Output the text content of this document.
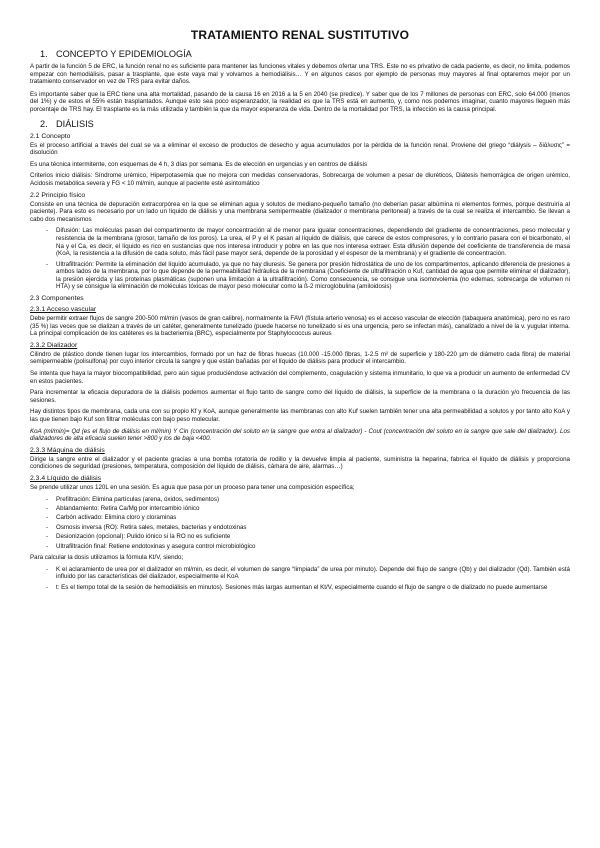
TRATAMIENTO RENAL SUSTITUTIVO
1. CONCEPTO Y EPIDEMIOLOGÍA

A partir de la función 5 de ERC, la función renal no es suficiente para mantener las funciones vitales y debemos ofertar una TRS. Este no es privativo de cada paciente, es decir, no limita, podemos empezar con hemodiálisis, pasar a trasplante, que este vaya mal y volvamos a hemodiálisis… Y en algunos casos por ejemplo de personas muy mayores al final optaremos mejor por un tratamiento conservador en vez de TRS para evitar daños.

Es importante saber que la ERC tiene una alta mortalidad, pasando de la causa 16 en 2016 a la 5 en 2040 (se predice). Y saber que de los 7 millones de personas con ERC, solo 64.000 (menos del 1%) y de estos el 55% están trasplantados. Aunque esto sea poco esperanzador, la realidad es que la TRS está en aumento, y, como nos podemos imaginar, cuanto mayores lleguen más porcentaje de TRS hay. El trasplante es la más utilizada y también la que da mayor esperanza de vida. Dentro de la mortalidad por TRS, la infección es la causa principal.

2. DIÁLISIS
2.1 Concepto

Es el proceso artificial a través del cual se va a eliminar el exceso de productos de desecho y agua acumulados por la pérdida de la función renal. Proviene del griego “diálysis – δiάλυσις” = disolución

Es una técnica intermitente, con esquemas de 4 h, 3 días por semana. Es de elección en urgencias y en centros de diálisis

Criterios inicio diálisis: Síndrome urémico, Hiperpotasemia que no mejora con medidas conservadoras, Sobrecarga de volumen a pesar de diuréticos, Diátesis hemorrágica de origen urémico, Acidosis metabólica severa y FG < 10 ml/min, aunque al paciente esté asintomático

2.2 Principio físico

Consiste en una técnica de depuración extracorpórea en la que se eliminan agua y solutos de mediano-pequeño tamaño (no deberían pasar albúmina ni elementos formes, porque destruiría al paciente). Para esto es necesario por un lado un líquido de diálisis y una membrana semipermeable (dializador o membrana peritoneal) a través de la cual se realiza el intercambio. Se llevan a cabo dos mecanismos

- Difusión: Las moléculas pasan del compartimento de mayor concentración al de menor para igualar concentraciones, dependiendo del gradiente de concentraciones, peso molecular y resistencia de la membrana (grosor, tamaño de los poros). La urea, el P y el K pasan al líquido de diálisis, que carece de estos compresores, y lo contrario pasara con el bicarbonato, el Na y el Ca, es decir, el líquido es rico en sustancias que nos interesa introducir y pobre en las que nos interesa extraer. Esta difusión depende del coeficiente de transferencia de masa (KoA, la resistencia a la difusión de cada soluto, más fácil pase mayor será, depende de la porosidad y el espesor de la membrana) y el gradiente de concentración.
- Ultrafiltración: Permite la eliminación del líquido acumulado, ya que no hay diuresis. Se genera por presión hidrostática de uno de los compartimentos, aplicando diferencia de presiones a ambos lados de la membrana, por lo que depende de la permeabilidad hidráulica de la membrana (Coeficiente de ultrafiltración o Kuf, cantidad de agua que permite eliminar el dializador), la presión ejercida y las proteínas plasmáticas (suponen una limitación a la ultrafiltración). Como consecuencia, se consigue una isomovolemia (no edemas, sobrecarga de volumen ni HTA) y se consigue la eliminación de moléculas tóxicas de mayor peso molecular como la ß-2 microglobulina (amiloidosis)
2.3 Componentes
2.3.1 Acceso vascular

Debe permitir extraer flujos de sangre 200-500 ml/min (vasos de gran calibre), normalmente la FAVI (fístula arterio venosa) es el acceso vascular de elección (tabaquera anatómica), pero no es raro (35 %) las veces que se dializan a través de un catéter, generalmente tunelizado (puede hacerse no tunelizado si es una urgencia, pero se infectan más), canalizado a nivel de la v. yugular interna. La principal complicación de los catéteres es la bacteriemia (BRC), especialmente por Staphylococcus aureus

2.3.2 Dializador

Cilindro de plástico donde tienen lugar los intercambios, formado por un haz de fibras huecas (10.000 -15.000 fibras, 1-2.5 m² de superficie y 180-220 µm de diámetro cada fibra) de material semipermeable (polisulfona) por cuyo interior circula la sangre y que están bañadas por el líquido de diálisis para producir el intercambio.

Se intenta que haya la mayor biocompatibilidad, pero aún sigue produciéndose activación del complemento, coagulación y sistema inmunitario, lo que va a producir un aumento de enfermedad CV en estos pacientes.

Para incrementar la eficacia depuradora de la diálisis podemos aumentar el flujo tanto de sangre como del líquido de diálisis, la superficie de la membrana o la duración y/o frecuencia de las sesiones.

Hay distintos tipos de membrana, cada una con su propio Kf y KoA, aunque generalmente las membranas con alto Kuf suelen también tener una alta permeabilidad a solutos y por tanto alto KoA y las que tienen bajo Kuf son filtrar moléculas con bajo peso molecular.

KoA (ml/min)= Qd (es el flujo de diálisis en ml/min) Y Cin (concentración del soluto en la sangre que entra al dializador) - Cout (concentración del soluto en la sangre que sale del dializador). Los dializadores de alta eficacia suelen tener >800 y los de baja <400.

2.3.3 Máquina de diálisis

Dirige la sangre entre el dializador y el paciente gracias a una bomba rotatoria de rodillo y la devuelve limpia al paciente, suministra la heparina, fabrica el líquido de diálisis y proporciona condiciones de seguridad (presiones, temperatura, composición del líquido de diálisis, cámara de aire, alarmas…)

2.3.4 Líquido de diálisis

Se prende utilizar unos 120L en una sesión. Es agua que pasa por un proceso para tener una composición específica;

- Prefiltración: Elimina partículas (arena, óxidos, sedimentos)
- Ablandamiento: Retira Ca/Mg por intercambio iónico
- Carbón activado: Elimina cloro y cloraminas
- Osmosis inversa (RO): Retira sales, metales, bacterias y endotoxinas
- Desionización (opcional): Pulido iónico si la RO no es suficiente
- Ultrafiltración final: Retiene endotoxinas y asegura control microbiológico

Para calcular la dosis utilizamos la fórmula Kt/V, siendo;

- K el aclaramiento de urea por el dializador en ml/min, es decir, el volumen de sangre “limpiada” de urea por minuto). Depende del flujo de sangre (Qb) y del dializador (Qd). También está influido por las características del dializador, especialmente el KoA
- t: Es el tiempo total de la sesión de hemodiálisis en minutos). Sesiones más largas aumentan el Kt/V, especialmente cuando el flujo de sangre o de dializado no puede aumentarse
